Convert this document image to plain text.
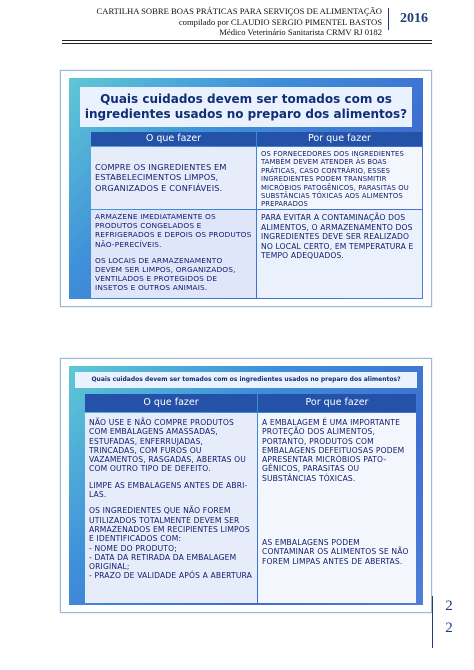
CARTILHA SOBRE BOAS PRÁTICAS PARA SERVIÇOS DE ALIMENTAÇÃO
compilado por CLAUDIO SERGIO PIMENTEL BASTOS
Médico Veterinário Sanitarista CRMV RJ 0182
2016
Quais cuidados devem ser tomados com os ingredientes usados no preparo dos alimentos?
O que fazer	Por que fazer
COMPRE OS INGREDIENTES EM ESTABELECIMENTOS LIMPOS, ORGANIZADOS E CONFIÁVEIS.
OS FORNECEDORES DOS INGREDIENTES TAMBÉM DEVEM ATENDER ÀS BOAS PRÁTICAS, CASO CONTRÁRIO, ESSES INGREDIENTES PODEM TRANSMITIR MICRÓBIOS PATOGÊNICOS, PARASITAS OU SUBSTÂNCIAS TÓXICAS AOS ALIMENTOS PREPARADOS

ARMAZENE IMEDIATAMENTE OS PRODUTOS CONGELADOS E REFRIGERADOS E DEPOIS OS PRODUTOS NÃO-PERECÍVEIS.

OS LOCAIS DE ARMAZENAMENTO DEVEM SER LIMPOS, ORGANIZADOS, VENTILADOS E PROTEGIDOS DE INSETOS E OUTROS ANIMAIS.

PARA EVITAR A CONTAMINAÇÃO DOS ALIMENTOS, O ARMAZENAMENTO DOS INGREDIENTES DEVE SER REALIZADO NO LOCAL CERTO, EM TEMPERATURA E TEMPO ADEQUADOS.
Quais cuidados devem ser tomados com os ingredientes usados no preparo dos alimentos?
O que fazer	Por que fazer

NÃO USE E NÃO COMPRE PRODUTOS COM EMBALAGENS AMASSADAS, ESTUFADAS, ENFERRUJADAS, TRINCADAS, COM FUROS OU VAZAMENTOS, RASGADAS, ABERTAS OU COM OUTRO TIPO DE DEFEITO.

LIMPE AS EMBALAGENS ANTES DE ABRI-LAS.

OS INGREDIENTES QUE NÃO FOREM UTILIZADOS TOTALMENTE DEVEM SER ARMAZENADOS EM RECIPIENTES LIMPOS E IDENTIFICADOS COM:
- NOME DO PRODUTO;
- DATA DA RETIRADA DA EMBALAGEM ORIGINAL;
- PRAZO DE VALIDADE APÓS A ABERTURA

A EMBALAGEM É UMA IMPORTANTE PROTEÇÃO DOS ALIMENTOS, PORTANTO, PRODUTOS COM EMBALAGENS DEFEITUOSAS PODEM APRESENTAR MICRÓBIOS PATO-GÊNICOS, PARASITAS OU SUBSTÂNCIAS TÓXICAS.

AS EMBALAGENS PODEM CONTAMINAR OS ALIMENTOS SE NÃO FOREM LIMPAS ANTES DE ABERTAS.

2
2
